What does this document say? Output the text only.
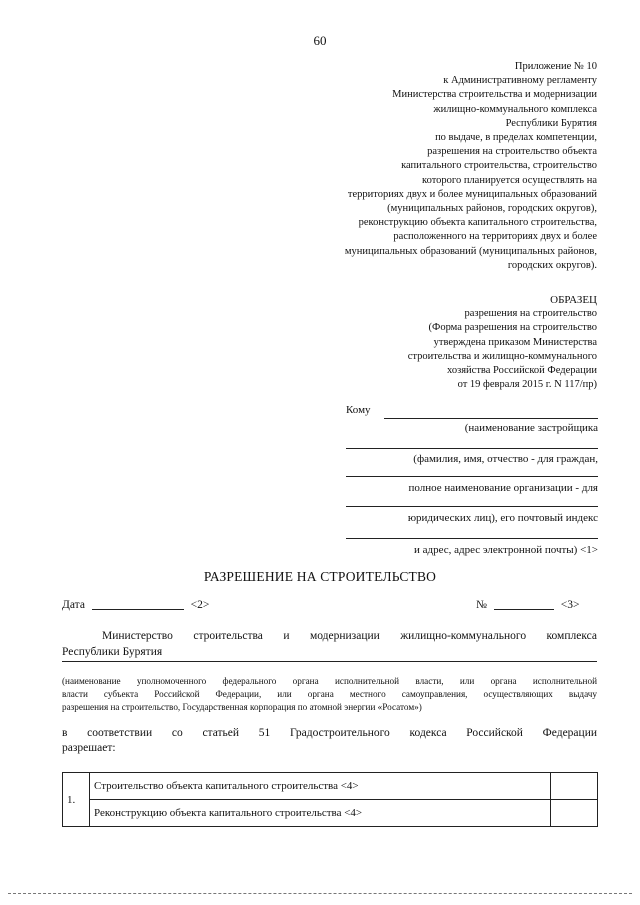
60
Приложение № 10
к Административному регламенту
Министерства строительства и модернизации
жилищно-коммунального комплекса
Республики Бурятия
по выдаче, в пределах компетенции,
разрешения на строительство объекта
капитального строительства, строительство
которого планируется осуществлять на
территориях двух и более муниципальных образований
(муниципальных районов, городских округов),
реконструкцию объекта капитального строительства,
расположенного на территориях двух и более
муниципальных образований (муниципальных районов,
городских округов).
ОБРАЗЕЦ
разрешения на строительство
(Форма разрешения на строительство
утверждена приказом Министерства
строительства и жилищно-коммунального
хозяйства Российской Федерации
от 19 февраля 2015 г. N 117/пр)
Кому
(наименование застройщика
(фамилия, имя, отчество - для граждан,
полное наименование организации - для
юридических лиц), его почтовый индекс
и адрес, адрес электронной почты) <1>
РАЗРЕШЕНИЕ НА СТРОИТЕЛЬСТВО
Дата	<2>	№	<3>
Министерство строительства и модернизации жилищно-коммунального комплекса
Республики Бурятия
(наименование уполномоченного федерального органа исполнительной власти, или органа исполнительной
власти субъекта Российской Федерации, или органа местного самоуправления, осуществляющих выдачу
разрешения на строительство, Государственная корпорация по атомной энергии «Росатом»)
в соответствии со статьей 51 Градостроительного кодекса Российской Федерации
разрешает:
1.	Строительство объекта капитального строительства <4>	
	Реконструкцию объекта капитального строительства <4>	
